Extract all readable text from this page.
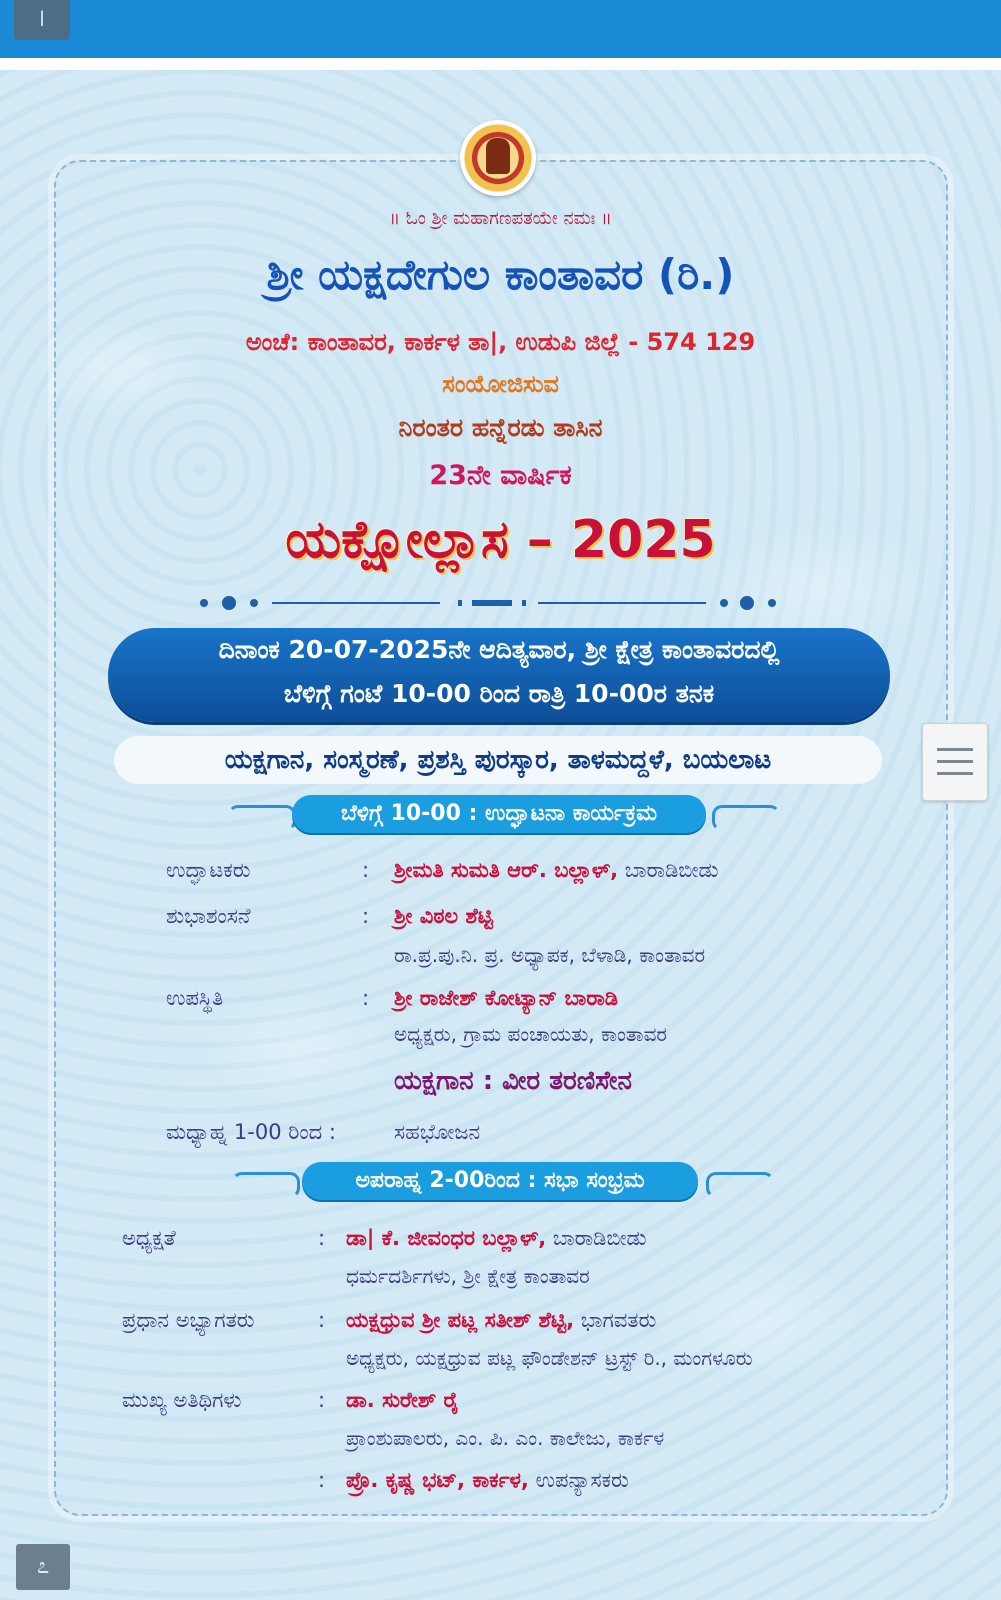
l
॥ ಓಂ ಶ್ರೀ ಮಹಾಗಣಪತಯೇ ನಮಃ ॥
ಶ್ರೀ ಯಕ್ಷದೇಗುಲ ಕಾಂತಾವರ (ರಿ.)
ಅಂಚೆ: ಕಾಂತಾವರ, ಕಾರ್ಕಳ ತಾ|, ಉಡುಪಿ ಜಿಲ್ಲೆ - 574 129
ಸಂಯೋಜಿಸುವ
ನಿರಂತರ ಹನ್ನೆರಡು ತಾಸಿನ
23ನೇ ವಾರ್ಷಿಕ
ಯಕ್ಷೋಲ್ಲಾಸ – 2025
ದಿನಾಂಕ 20-07-2025ನೇ ಆದಿತ್ಯವಾರ, ಶ್ರೀ ಕ್ಷೇತ್ರ ಕಾಂತಾವರದಲ್ಲಿ
ಬೆಳಿಗ್ಗೆ ಗಂಟೆ 10-00 ರಿಂದ ರಾತ್ರಿ 10-00ರ ತನಕ
ಯಕ್ಷಗಾನ, ಸಂಸ್ಮರಣೆ, ಪ್ರಶಸ್ತಿ ಪುರಸ್ಕಾರ, ತಾಳಮದ್ದಳೆ, ಬಯಲಾಟ
ಬೆಳಿಗ್ಗೆ 10-00 : ಉದ್ಘಾಟನಾ ಕಾರ್ಯಕ್ರಮ
ಉದ್ಘಾಟಕರು	: ಶ್ರೀಮತಿ ಸುಮತಿ ಆರ್. ಬಲ್ಲಾಳ್, ಬಾರಾಡಿಬೀಡು
ಶುಭಾಶಂಸನೆ	: ಶ್ರೀ ವಿಠಲ ಶೆಟ್ಟಿ
ರಾ.ಪ್ರ.ಪು.ನಿ. ಪ್ರ. ಅಧ್ಯಾಪಕ, ಬೆಳಾಡಿ, ಕಾಂತಾವರ
ಉಪಸ್ಥಿತಿ	: ಶ್ರೀ ರಾಜೇಶ್ ಕೋಟ್ಯಾನ್ ಬಾರಾಡಿ
ಅಧ್ಯಕ್ಷರು, ಗ್ರಾಮ ಪಂಚಾಯತು, ಕಾಂತಾವರ
ಯಕ್ಷಗಾನ : ವೀರ ತರಣಿಸೇನ
ಮಧ್ಯಾಹ್ನ 1-00 ರಿಂದ :	ಸಹಭೋಜನ
ಅಪರಾಹ್ನ 2-00ರಿಂದ : ಸಭಾ ಸಂಭ್ರಮ
ಅಧ್ಯಕ್ಷತೆ	: ಡಾ| ಕೆ. ಜೀವಂಧರ ಬಲ್ಲಾಳ್, ಬಾರಾಡಿಬೀಡು
ಧರ್ಮದರ್ಶಿಗಳು, ಶ್ರೀ ಕ್ಷೇತ್ರ ಕಾಂತಾವರ
ಪ್ರಧಾನ ಅಭ್ಯಾಗತರು	: ಯಕ್ಷಧ್ರುವ ಶ್ರೀ ಪಟ್ಲ ಸತೀಶ್ ಶೆಟ್ಟಿ, ಭಾಗವತರು
ಅಧ್ಯಕ್ಷರು, ಯಕ್ಷಧ್ರುವ ಪಟ್ಲ ಫೌಂಡೇಶನ್ ಟ್ರಸ್ಟ್ ರಿ., ಮಂಗಳೂರು
ಮುಖ್ಯ ಅತಿಥಿಗಳು	: ಡಾ. ಸುರೇಶ್ ರೈ
ಪ್ರಾಂಶುಪಾಲರು, ಎಂ. ಪಿ. ಎಂ. ಕಾಲೇಜು, ಕಾರ್ಕಳ
: ಪ್ರೊ. ಕೃಷ್ಣ ಭಟ್, ಕಾರ್ಕಳ, ಉಪನ್ಯಾಸಕರು
೭
